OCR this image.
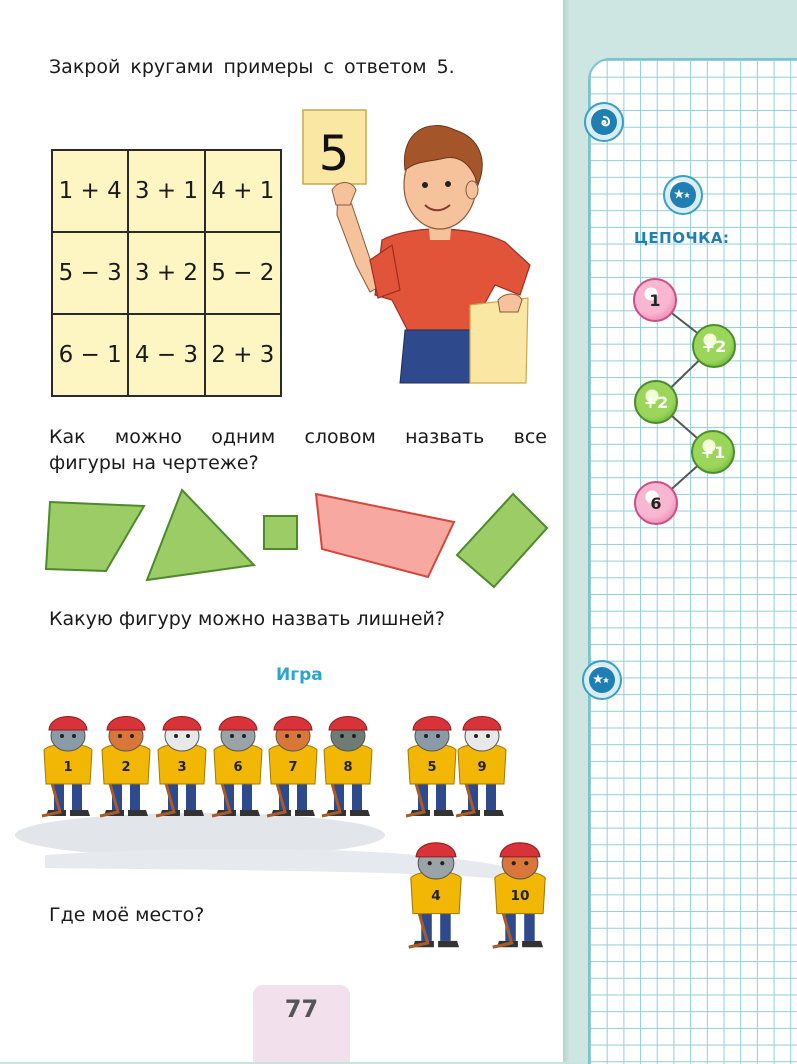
Закрой кругами примеры с ответом 5.
1 + 4	3 + 1	4 + 1
5 − 3	3 + 2	5 − 2
6 − 1	4 − 3	2 + 3
5
1	2	3	6	7	8	5	9
4	10
Как можно одним словом назвать все
фигуры на чертеже?
Какую фигуру можно назвать лишней?
Игра
Где моё место?
ЦЕПОЧКА:
1
+2
+2
+1
6
77
